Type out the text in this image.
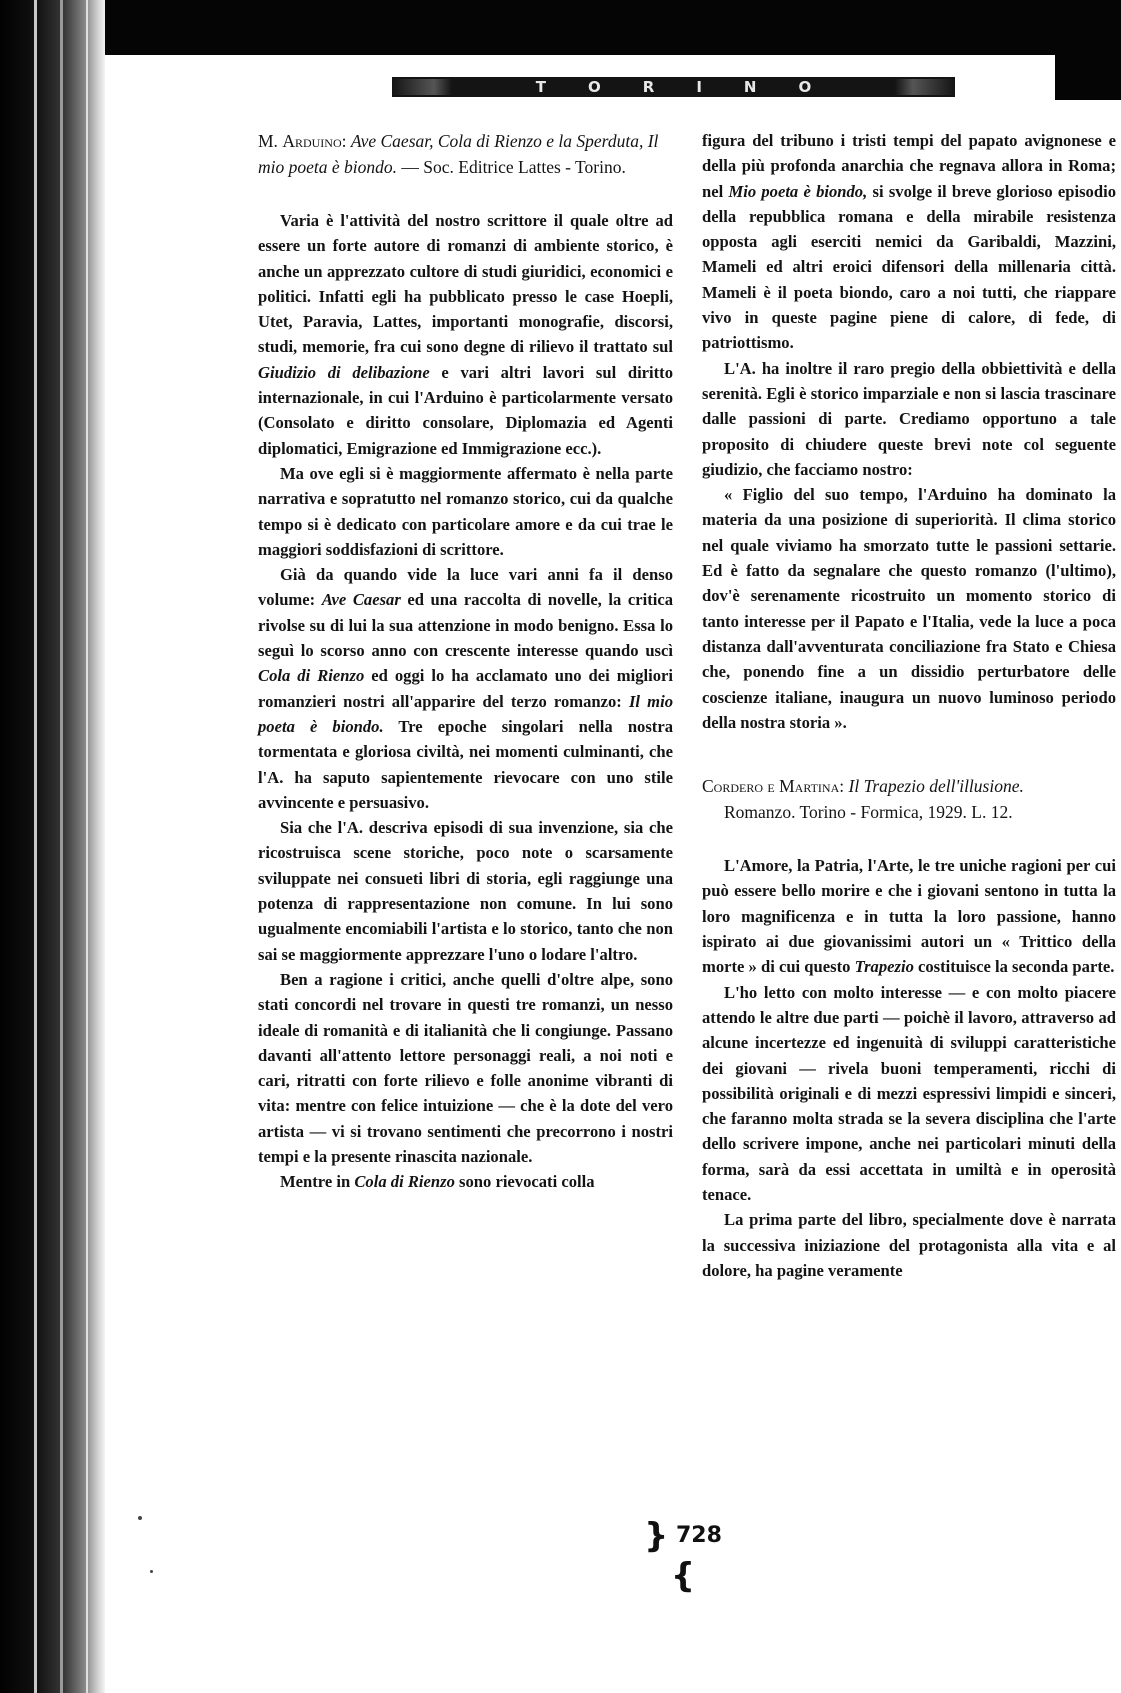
TORINO
M. Arduino: Ave Caesar, Cola di Rienzo e la Sperduta, Il mio poeta è biondo. — Soc. Editrice Lattes - Torino.

Varia è l'attività del nostro scrittore il quale oltre ad essere un forte autore di romanzi di ambiente storico, è anche un apprezzato cultore di studi giuridici, economici e politici. Infatti egli ha pubblicato presso le case Hoepli, Utet, Paravia, Lattes, importanti monografie, discorsi, studi, memorie, fra cui sono degne di rilievo il trattato sul Giudizio di delibazione e vari altri lavori sul diritto internazionale, in cui l'Arduino è particolarmente versato (Consolato e diritto consolare, Diplomazia ed Agenti diplomatici, Emigrazione ed Immigrazione ecc.).

Ma ove egli si è maggiormente affermato è nella parte narrativa e sopratutto nel romanzo storico, cui da qualche tempo si è dedicato con particolare amore e da cui trae le maggiori soddisfazioni di scrittore.

Già da quando vide la luce vari anni fa il denso volume: Ave Caesar ed una raccolta di novelle, la critica rivolse su di lui la sua attenzione in modo benigno. Essa lo seguì lo scorso anno con crescente interesse quando uscì Cola di Rienzo ed oggi lo ha acclamato uno dei migliori romanzieri nostri all'apparire del terzo romanzo: Il mio poeta è biondo. Tre epoche singolari nella nostra tormentata e gloriosa civiltà, nei momenti culminanti, che l'A. ha saputo sapientemente rievocare con uno stile avvincente e persuasivo.

Sia che l'A. descriva episodi di sua invenzione, sia che ricostruisca scene storiche, poco note o scarsamente sviluppate nei consueti libri di storia, egli raggiunge una potenza di rappresentazione non comune. In lui sono ugualmente encomiabili l'artista e lo storico, tanto che non sai se maggiormente apprezzare l'uno o lodare l'altro.

Ben a ragione i critici, anche quelli d'oltre alpe, sono stati concordi nel trovare in questi tre romanzi, un nesso ideale di romanità e di italianità che li congiunge. Passano davanti all'attento lettore personaggi reali, a noi noti e cari, ritratti con forte rilievo e folle anonime vibranti di vita: mentre con felice intuizione — che è la dote del vero artista — vi si trovano sentimenti che precorrono i nostri tempi e la presente rinascita nazionale.

Mentre in Cola di Rienzo sono rievocati colla

figura del tribuno i tristi tempi del papato avignonese e della più profonda anarchia che regnava allora in Roma; nel Mio poeta è biondo, si svolge il breve glorioso episodio della repubblica romana e della mirabile resistenza opposta agli eserciti nemici da Garibaldi, Mazzini, Mameli ed altri eroici difensori della millenaria città. Mameli è il poeta biondo, caro a noi tutti, che riappare vivo in queste pagine piene di calore, di fede, di patriottismo.

L'A. ha inoltre il raro pregio della obbiettività e della serenità. Egli è storico imparziale e non si lascia trascinare dalle passioni di parte. Crediamo opportuno a tale proposito di chiudere queste brevi note col seguente giudizio, che facciamo nostro:

« Figlio del suo tempo, l'Arduino ha dominato la materia da una posizione di superiorità. Il clima storico nel quale viviamo ha smorzato tutte le passioni settarie. Ed è fatto da segnalare che questo romanzo (l'ultimo), dov'è serenamente ricostruito un momento storico di tanto interesse per il Papato e l'Italia, vede la luce a poca distanza dall'avventurata conciliazione fra Stato e Chiesa che, ponendo fine a un dissidio perturbatore delle coscienze italiane, inaugura un nuovo luminoso periodo della nostra storia ».

Cordero e Martina: Il Trapezio dell'illusione.
Romanzo. Torino - Formica, 1929. L. 12.

L'Amore, la Patria, l'Arte, le tre uniche ragioni per cui può essere bello morire e che i giovani sentono in tutta la loro magnificenza e in tutta la loro passione, hanno ispirato ai due giovanissimi autori un « Trittico della morte » di cui questo Trapezio costituisce la seconda parte.

L'ho letto con molto interesse — e con molto piacere attendo le altre due parti — poichè il lavoro, attraverso ad alcune incertezze ed ingenuità di sviluppi caratteristiche dei giovani — rivela buoni temperamenti, ricchi di possibilità originali e di mezzi espressivi limpidi e sinceri, che faranno molta strada se la severa disciplina che l'arte dello scrivere impone, anche nei particolari minuti della forma, sarà da essi accettata in umiltà e in operosità tenace.

La prima parte del libro, specialmente dove è narrata la successiva iniziazione del protagonista alla vita e al dolore, ha pagine veramente

} 728 {
